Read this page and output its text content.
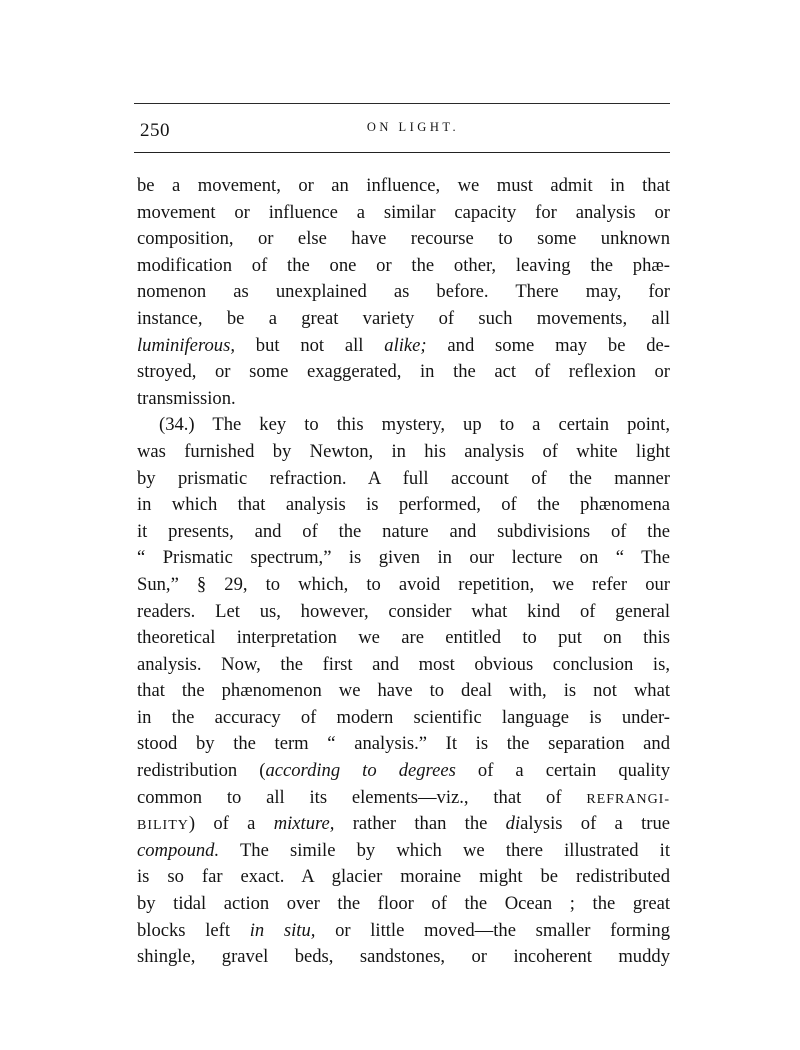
250	ON LIGHT.
be a movement, or an influence, we must admit in that
movement or influence a similar capacity for analysis or
composition, or else have recourse to some unknown
modification of the one or the other, leaving the phæ-
nomenon as unexplained as before. There may, for
instance, be a great variety of such movements, all
luminiferous, but not all alike; and some may be de-
stroyed, or some exaggerated, in the act of reflexion or
transmission.
(34.) The key to this mystery, up to a certain point,
was furnished by Newton, in his analysis of white light
by prismatic refraction. A full account of the manner
in which that analysis is performed, of the phænomena
it presents, and of the nature and subdivisions of the
“ Prismatic spectrum,” is given in our lecture on “ The
Sun,” § 29, to which, to avoid repetition, we refer our
readers. Let us, however, consider what kind of general
theoretical interpretation we are entitled to put on this
analysis. Now, the first and most obvious conclusion is,
that the phænomenon we have to deal with, is not what
in the accuracy of modern scientific language is under-
stood by the term “ analysis.” It is the separation and
redistribution (according to degrees of a certain quality
common to all its elements—viz., that of REFRANGI-
BILITY) of a mixture, rather than the dialysis of a true
compound. The simile by which we there illustrated it
is so far exact. A glacier moraine might be redistributed
by tidal action over the floor of the Ocean ; the great
blocks left in situ, or little moved—the smaller forming
shingle, gravel beds, sandstones, or incoherent muddy
